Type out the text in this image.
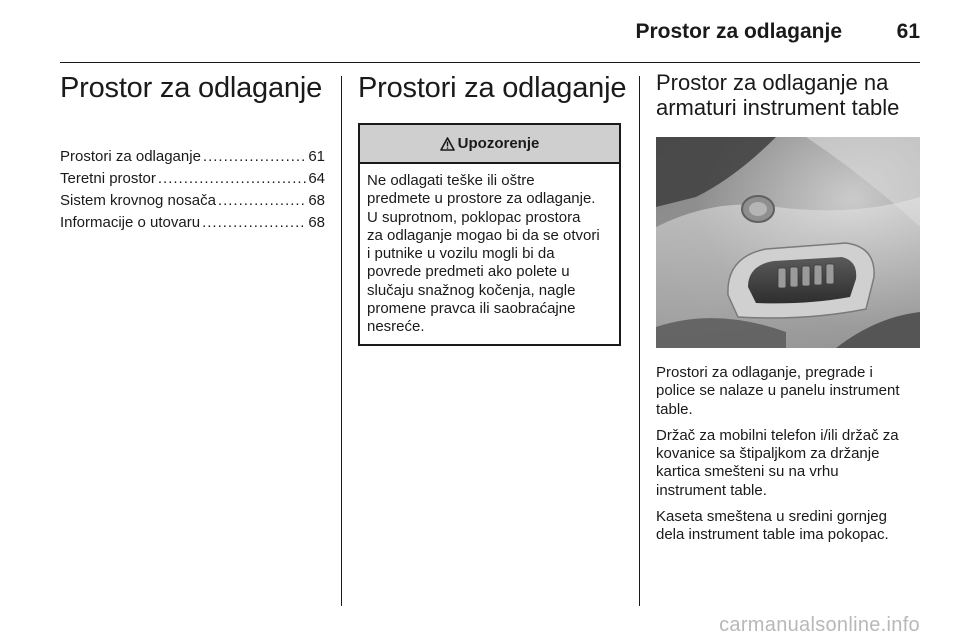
Prostor za odlaganje	61
Prostor za odlaganje
Prostori za odlaganje .....	61
Teretni prostor .....	64
Sistem krovnog nosača .....	68
Informacije o utovaru .....	68
Prostori za odlaganje
Upozorenje
Ne odlagati teške ili oštre
predmete u prostore za odlaganje.
U suprotnom, poklopac prostora
za odlaganje mogao bi da se otvori
i putnike u vozilu mogli bi da
povrede predmeti ako polete u
slučaju snažnog kočenja, nagle
promene pravca ili saobraćajne
nesreće.
Prostor za odlaganje na
armaturi instrument table

Prostori za odlaganje, pregrade i
police se nalaze u panelu instrument
table.

Držač za mobilni telefon i/ili držač za
kovanice sa štipaljkom za držanje
kartica smešteni su na vrhu
instrument table.

Kaseta smeštena u sredini gornjeg
dela instrument table ima pokopac.

carmanualsonline.info
